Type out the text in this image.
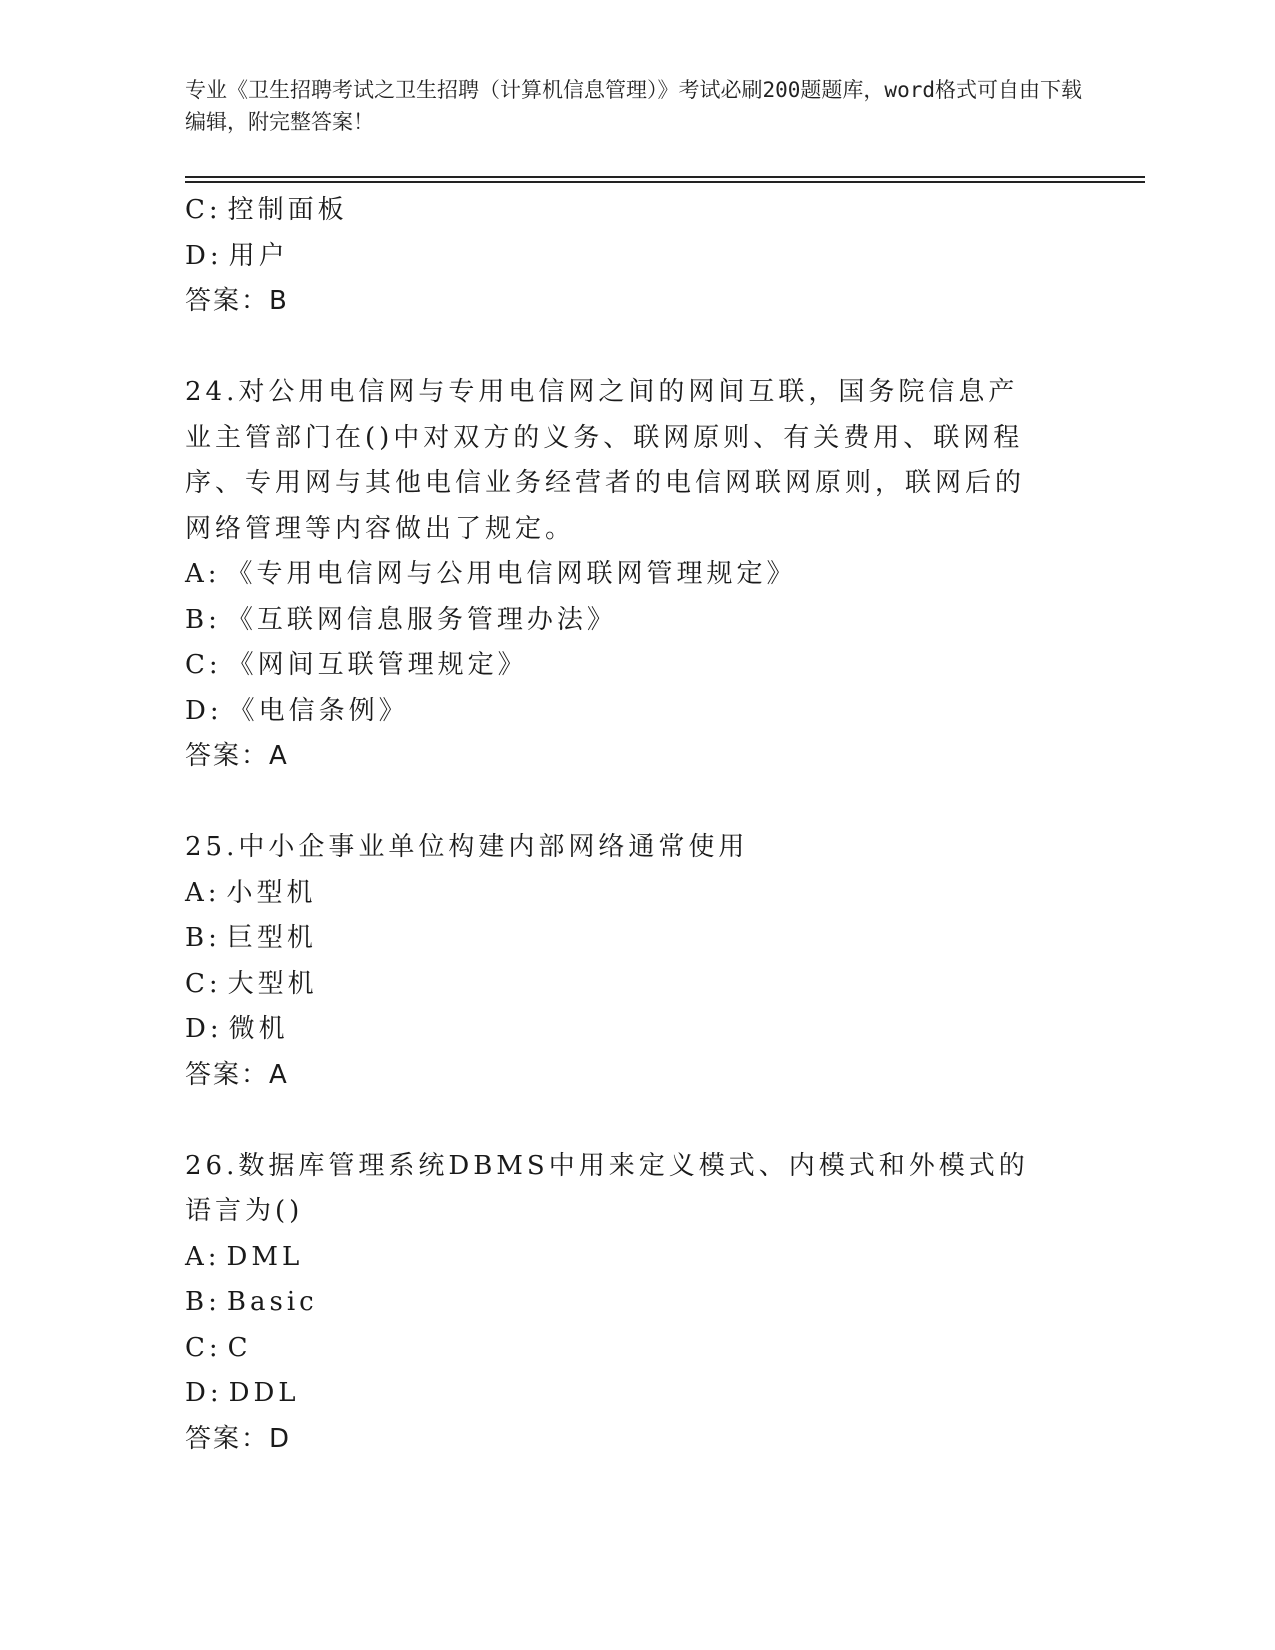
专业《卫生招聘考试之卫生招聘（计算机信息管理）》考试必刷200题题库，word格式可自由下载编辑，附完整答案！
C: 控制面板
D: 用户
答案：B
24.对公用电信网与专用电信网之间的网间互联，国务院信息产业主管部门在()中对双方的义务、联网原则、有关费用、联网程序、专用网与其他电信业务经营者的电信网联网原则，联网后的网络管理等内容做出了规定。
A: 《专用电信网与公用电信网联网管理规定》
B: 《互联网信息服务管理办法》
C: 《网间互联管理规定》
D: 《电信条例》
答案：A
25.中小企事业单位构建内部网络通常使用
A: 小型机
B: 巨型机
C: 大型机
D: 微机
答案：A
26.数据库管理系统DBMS中用来定义模式、内模式和外模式的语言为()
A: DML
B: Basic
C: C
D: DDL
答案：D
